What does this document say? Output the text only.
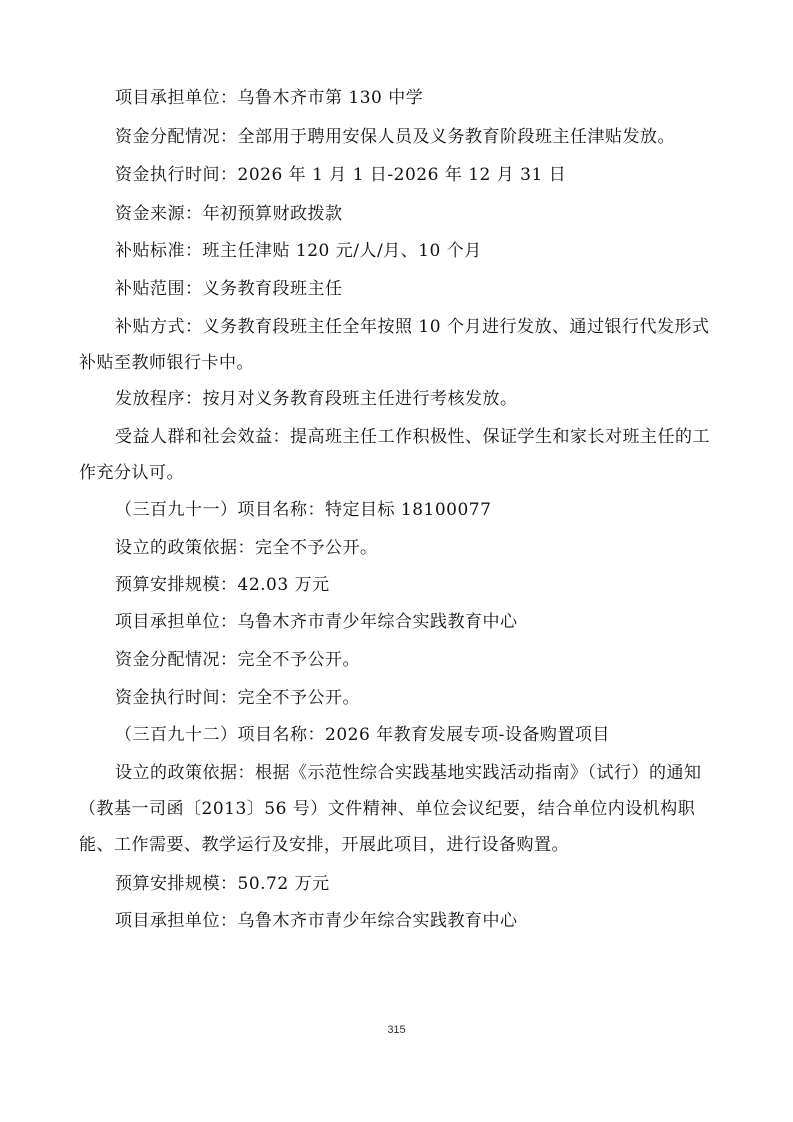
项目承担单位：乌鲁木齐市第 130 中学

资金分配情况：全部用于聘用安保人员及义务教育阶段班主任津贴发放。

资金执行时间：2026 年 1 月 1 日-2026 年 12 月 31 日

资金来源：年初预算财政拨款

补贴标准：班主任津贴 120 元/人/月、10 个月

补贴范围：义务教育段班主任

补贴方式：义务教育段班主任全年按照 10 个月进行发放、通过银行代发形式补贴至教师银行卡中。

发放程序：按月对义务教育段班主任进行考核发放。

受益人群和社会效益：提高班主任工作积极性、保证学生和家长对班主任的工作充分认可。

（三百九十一）项目名称：特定目标 18100077

设立的政策依据：完全不予公开。

预算安排规模：42.03 万元

项目承担单位：乌鲁木齐市青少年综合实践教育中心

资金分配情况：完全不予公开。

资金执行时间：完全不予公开。

（三百九十二）项目名称：2026 年教育发展专项-设备购置项目

设立的政策依据：根据《示范性综合实践基地实践活动指南》（试行）的通知（教基一司函〔2013〕56 号）文件精神、单位会议纪要，结合单位内设机构职能、工作需要、教学运行及安排，开展此项目，进行设备购置。

预算安排规模：50.72 万元

项目承担单位：乌鲁木齐市青少年综合实践教育中心

315
